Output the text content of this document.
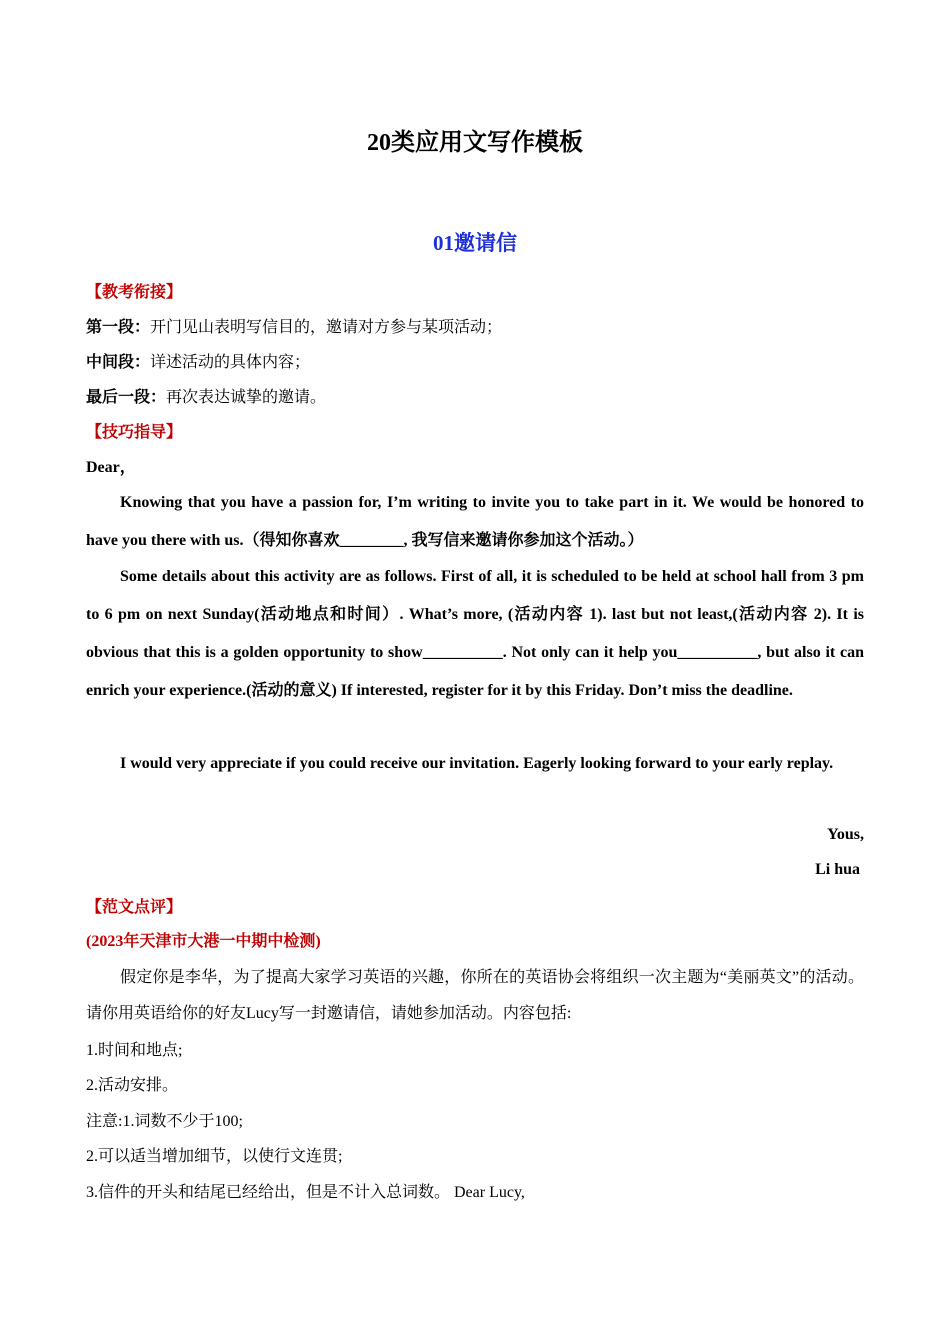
20类应用文写作模板
01邀请信
【教考衔接】
第一段：开门见山表明写信目的，邀请对方参与某项活动；
中间段：详述活动的具体内容；
最后一段：再次表达诚挚的邀请。
【技巧指导】
Dear，
Knowing that you have a passion for, I’m writing to invite you to take part in it. We would be honored to have you there with us.（得知你喜欢________, 我写信来邀请你参加这个活动。）
Some details about this activity are as follows. First of all, it is scheduled to be held at school hall from 3 pm to 6 pm on next Sunday(活动地点和时间）. What’s more, (活动内容 1). last but not least,(活动内容 2). It is obvious that this is a golden opportunity to show__________. Not only can it help you__________, but also it can enrich your experience.(活动的意义) If interested, register for it by this Friday. Don’t miss the deadline.
I would very appreciate if you could receive our invitation. Eagerly looking forward to your early replay.
Yous,
Li hua
【范文点评】
(2023年天津市大港一中期中检测)
假定你是李华，为了提高大家学习英语的兴趣，你所在的英语协会将组织一次主题为“美丽英文”的活动。请你用英语给你的好友Lucy写一封邀请信，请她参加活动。内容包括:
1.时间和地点;
2.活动安排。
注意:1.词数不少于100;
2.可以适当增加细节，以使行文连贯;
3.信件的开头和结尾已经给出，但是不计入总词数。 Dear Lucy,
